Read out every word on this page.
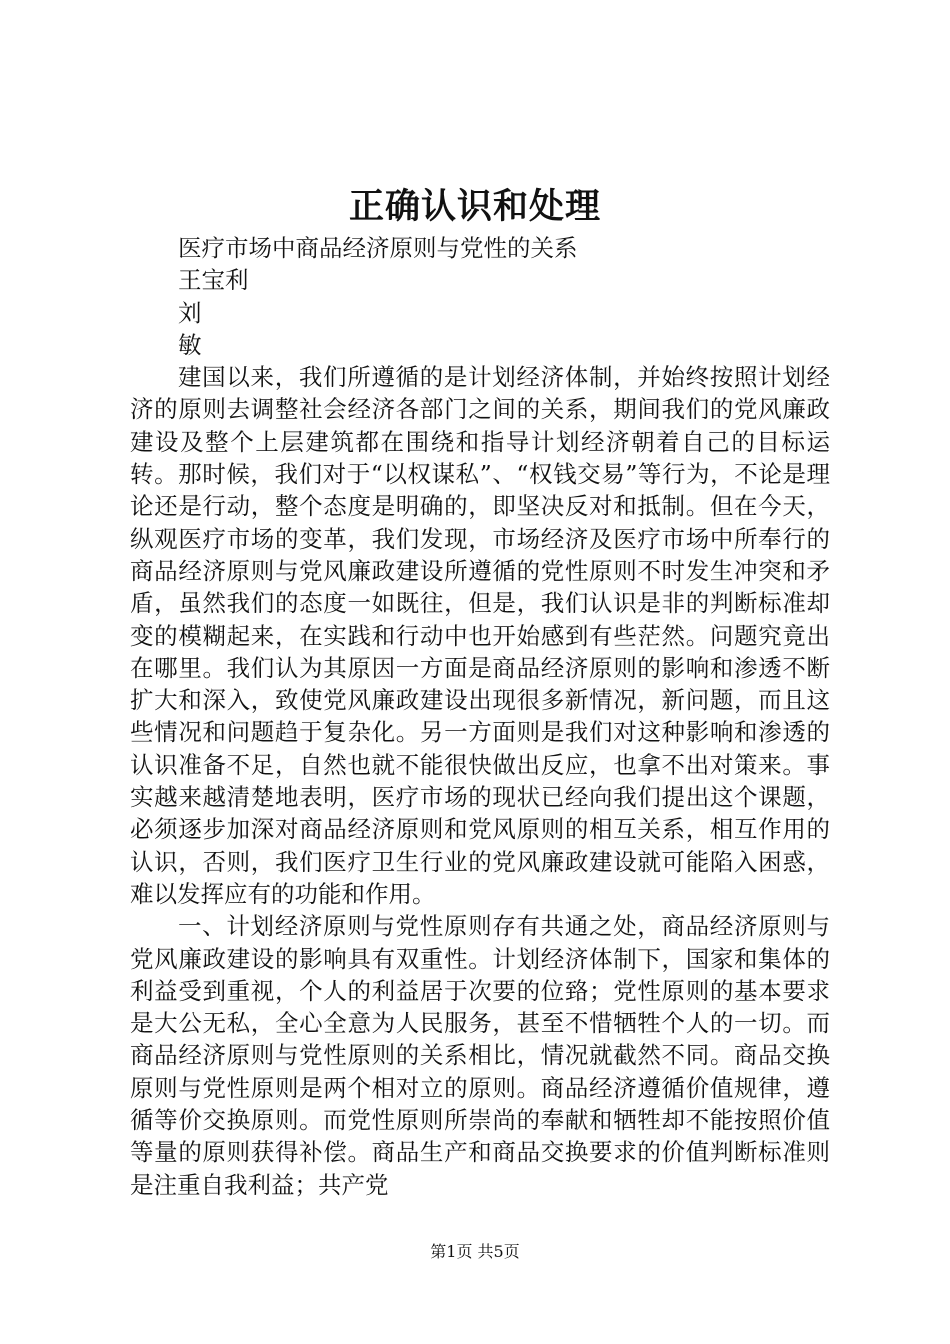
正确认识和处理

医疗市场中商品经济原则与党性的关系

王宝利

刘

敏

建国以来，我们所遵循的是计划经济体制，并始终按照计划经济的原则去调整社会经济各部门之间的关系，期间我们的党风廉政建设及整个上层建筑都在围绕和指导计划经济朝着自己的目标运转。那时候，我们对于“以权谋私”、“权钱交易”等行为，不论是理论还是行动，整个态度是明确的，即坚决反对和抵制。但在今天，纵观医疗市场的变革，我们发现，市场经济及医疗市场中所奉行的商品经济原则与党风廉政建设所遵循的党性原则不时发生冲突和矛盾，虽然我们的态度一如既往，但是，我们认识是非的判断标准却变的模糊起来，在实践和行动中也开始感到有些茫然。问题究竟出在哪里。我们认为其原因一方面是商品经济原则的影响和渗透不断扩大和深入，致使党风廉政建设出现很多新情况，新问题，而且这些情况和问题趋于复杂化。另一方面则是我们对这种影响和渗透的认识准备不足，自然也就不能很快做出反应，也拿不出对策来。事实越来越清楚地表明，医疗市场的现状已经向我们提出这个课题，必须逐步加深对商品经济原则和党风原则的相互关系，相互作用的认识，否则，我们医疗卫生行业的党风廉政建设就可能陷入困惑，难以发挥应有的功能和作用。

一、计划经济原则与党性原则存有共通之处，商品经济原则与党风廉政建设的影响具有双重性。计划经济体制下，国家和集体的利益受到重视，个人的利益居于次要的位臵；党性原则的基本要求是大公无私，全心全意为人民服务，甚至不惜牺牲个人的一切。而商品经济原则与党性原则的关系相比，情况就截然不同。商品交换原则与党性原则是两个相对立的原则。商品经济遵循价值规律，遵循等价交换原则。而党性原则所崇尚的奉献和牺牲却不能按照价值等量的原则获得补偿。商品生产和商品交换要求的价值判断标准则是注重自我利益；共产党

第1页 共5页
